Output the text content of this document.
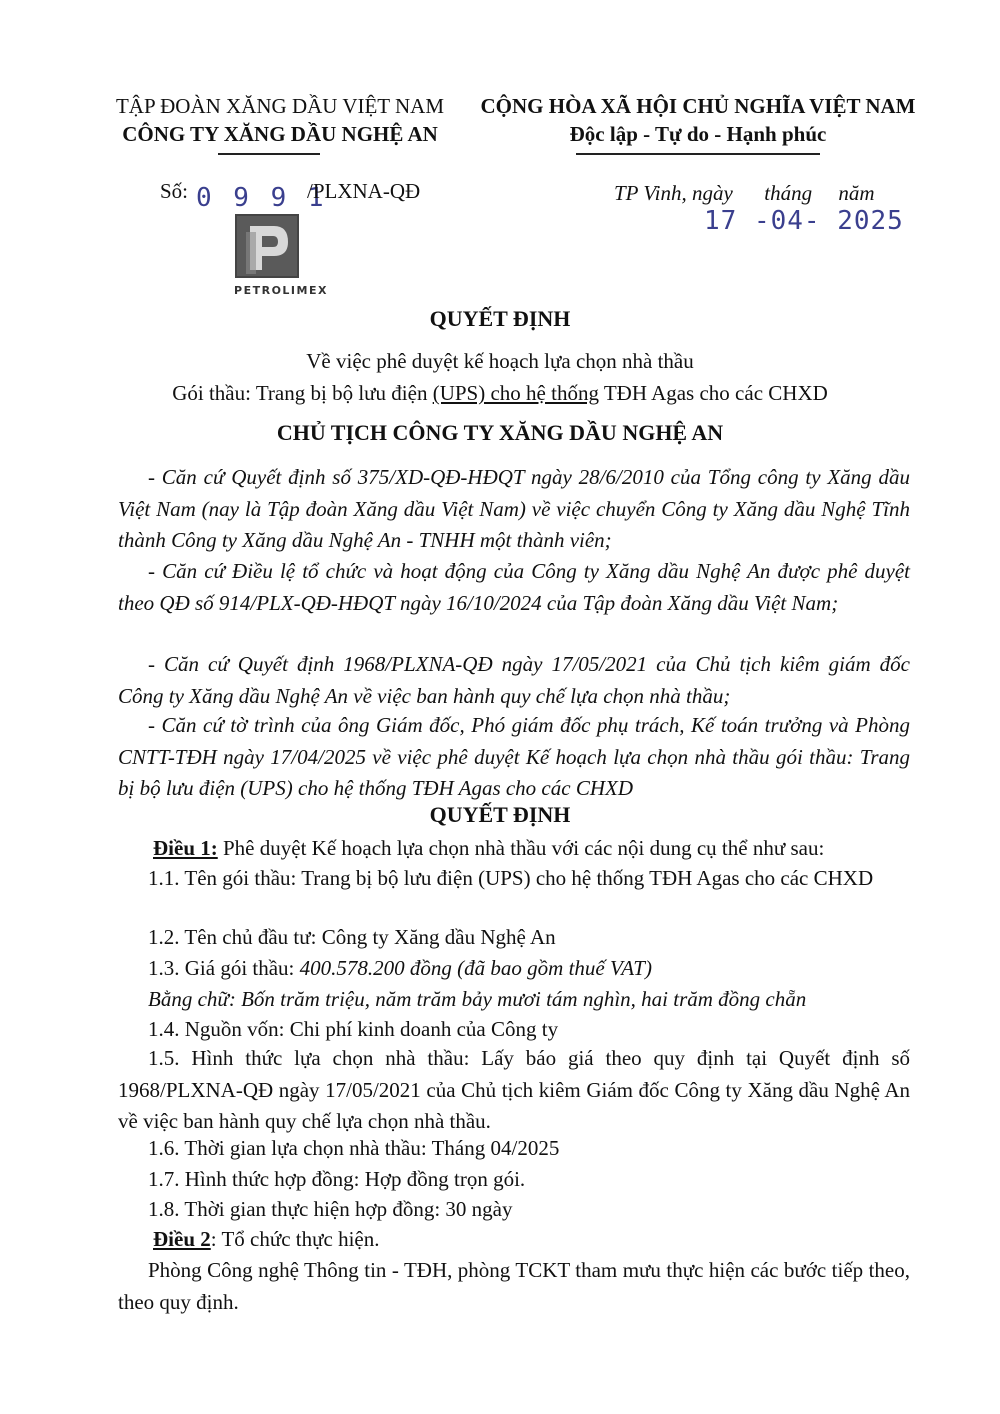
TẬP ĐOÀN XĂNG DẦU VIỆT NAM
CÔNG TY XĂNG DẦU NGHỆ AN
CỘNG HÒA XÃ HỘI CHỦ NGHĨA VIỆT NAM
Độc lập - Tự do - Hạnh phúc
Số: 0 9 9 1
/PLXNA-QĐ	TP Vinh, ngày      tháng     năm
17 -04- 2025
PETROLIMEX
QUYẾT ĐỊNH
Về việc phê duyệt kế hoạch lựa chọn nhà thầu
Gói thầu: Trang bị bộ lưu điện (UPS) cho hệ thống TĐH Agas cho các CHXD
CHỦ TỊCH CÔNG TY XĂNG DẦU NGHỆ AN
- Căn cứ Quyết định số 375/XD-QĐ-HĐQT ngày 28/6/2010 của Tổng công ty Xăng dầu Việt Nam (nay là Tập đoàn Xăng dầu Việt Nam) về việc chuyển Công ty Xăng dầu Nghệ Tĩnh thành Công ty Xăng dầu Nghệ An - TNHH một thành viên;
- Căn cứ Điều lệ tổ chức và hoạt động của Công ty Xăng dầu Nghệ An được phê duyệt theo QĐ số 914/PLX-QĐ-HĐQT ngày 16/10/2024 của Tập đoàn Xăng dầu Việt Nam;
- Căn cứ Quyết định 1968/PLXNA-QĐ ngày 17/05/2021 của Chủ tịch kiêm giám đốc Công ty Xăng dầu Nghệ An về việc ban hành quy chế lựa chọn nhà thầu;
- Căn cứ tờ trình của ông Giám đốc, Phó giám đốc phụ trách, Kế toán trưởng và Phòng CNTT-TĐH ngày 17/04/2025 về việc phê duyệt Kế hoạch lựa chọn nhà thầu gói thầu: Trang bị bộ lưu điện (UPS) cho hệ thống TĐH Agas cho các CHXD
QUYẾT ĐỊNH
Điều 1: Phê duyệt Kế hoạch lựa chọn nhà thầu với các nội dung cụ thể như sau:
1.1. Tên gói thầu: Trang bị bộ lưu điện (UPS) cho hệ thống TĐH Agas cho các CHXD
1.2. Tên chủ đầu tư: Công ty Xăng dầu Nghệ An
1.3. Giá gói thầu: 400.578.200 đồng (đã bao gồm thuế VAT)
Bằng chữ: Bốn trăm triệu, năm trăm bảy mươi tám nghìn, hai trăm đồng chẵn
1.4. Nguồn vốn: Chi phí kinh doanh của Công ty
1.5. Hình thức lựa chọn nhà thầu: Lấy báo giá theo quy định tại Quyết định số 1968/PLXNA-QĐ ngày 17/05/2021 của Chủ tịch kiêm Giám đốc Công ty Xăng dầu Nghệ An về việc ban hành quy chế lựa chọn nhà thầu.
1.6. Thời gian lựa chọn nhà thầu: Tháng 04/2025
1.7. Hình thức hợp đồng: Hợp đồng trọn gói.
1.8. Thời gian thực hiện hợp đồng: 30 ngày
Điều 2: Tổ chức thực hiện.
Phòng Công nghệ Thông tin - TĐH, phòng TCKT tham mưu thực hiện các bước tiếp theo, theo quy định.
